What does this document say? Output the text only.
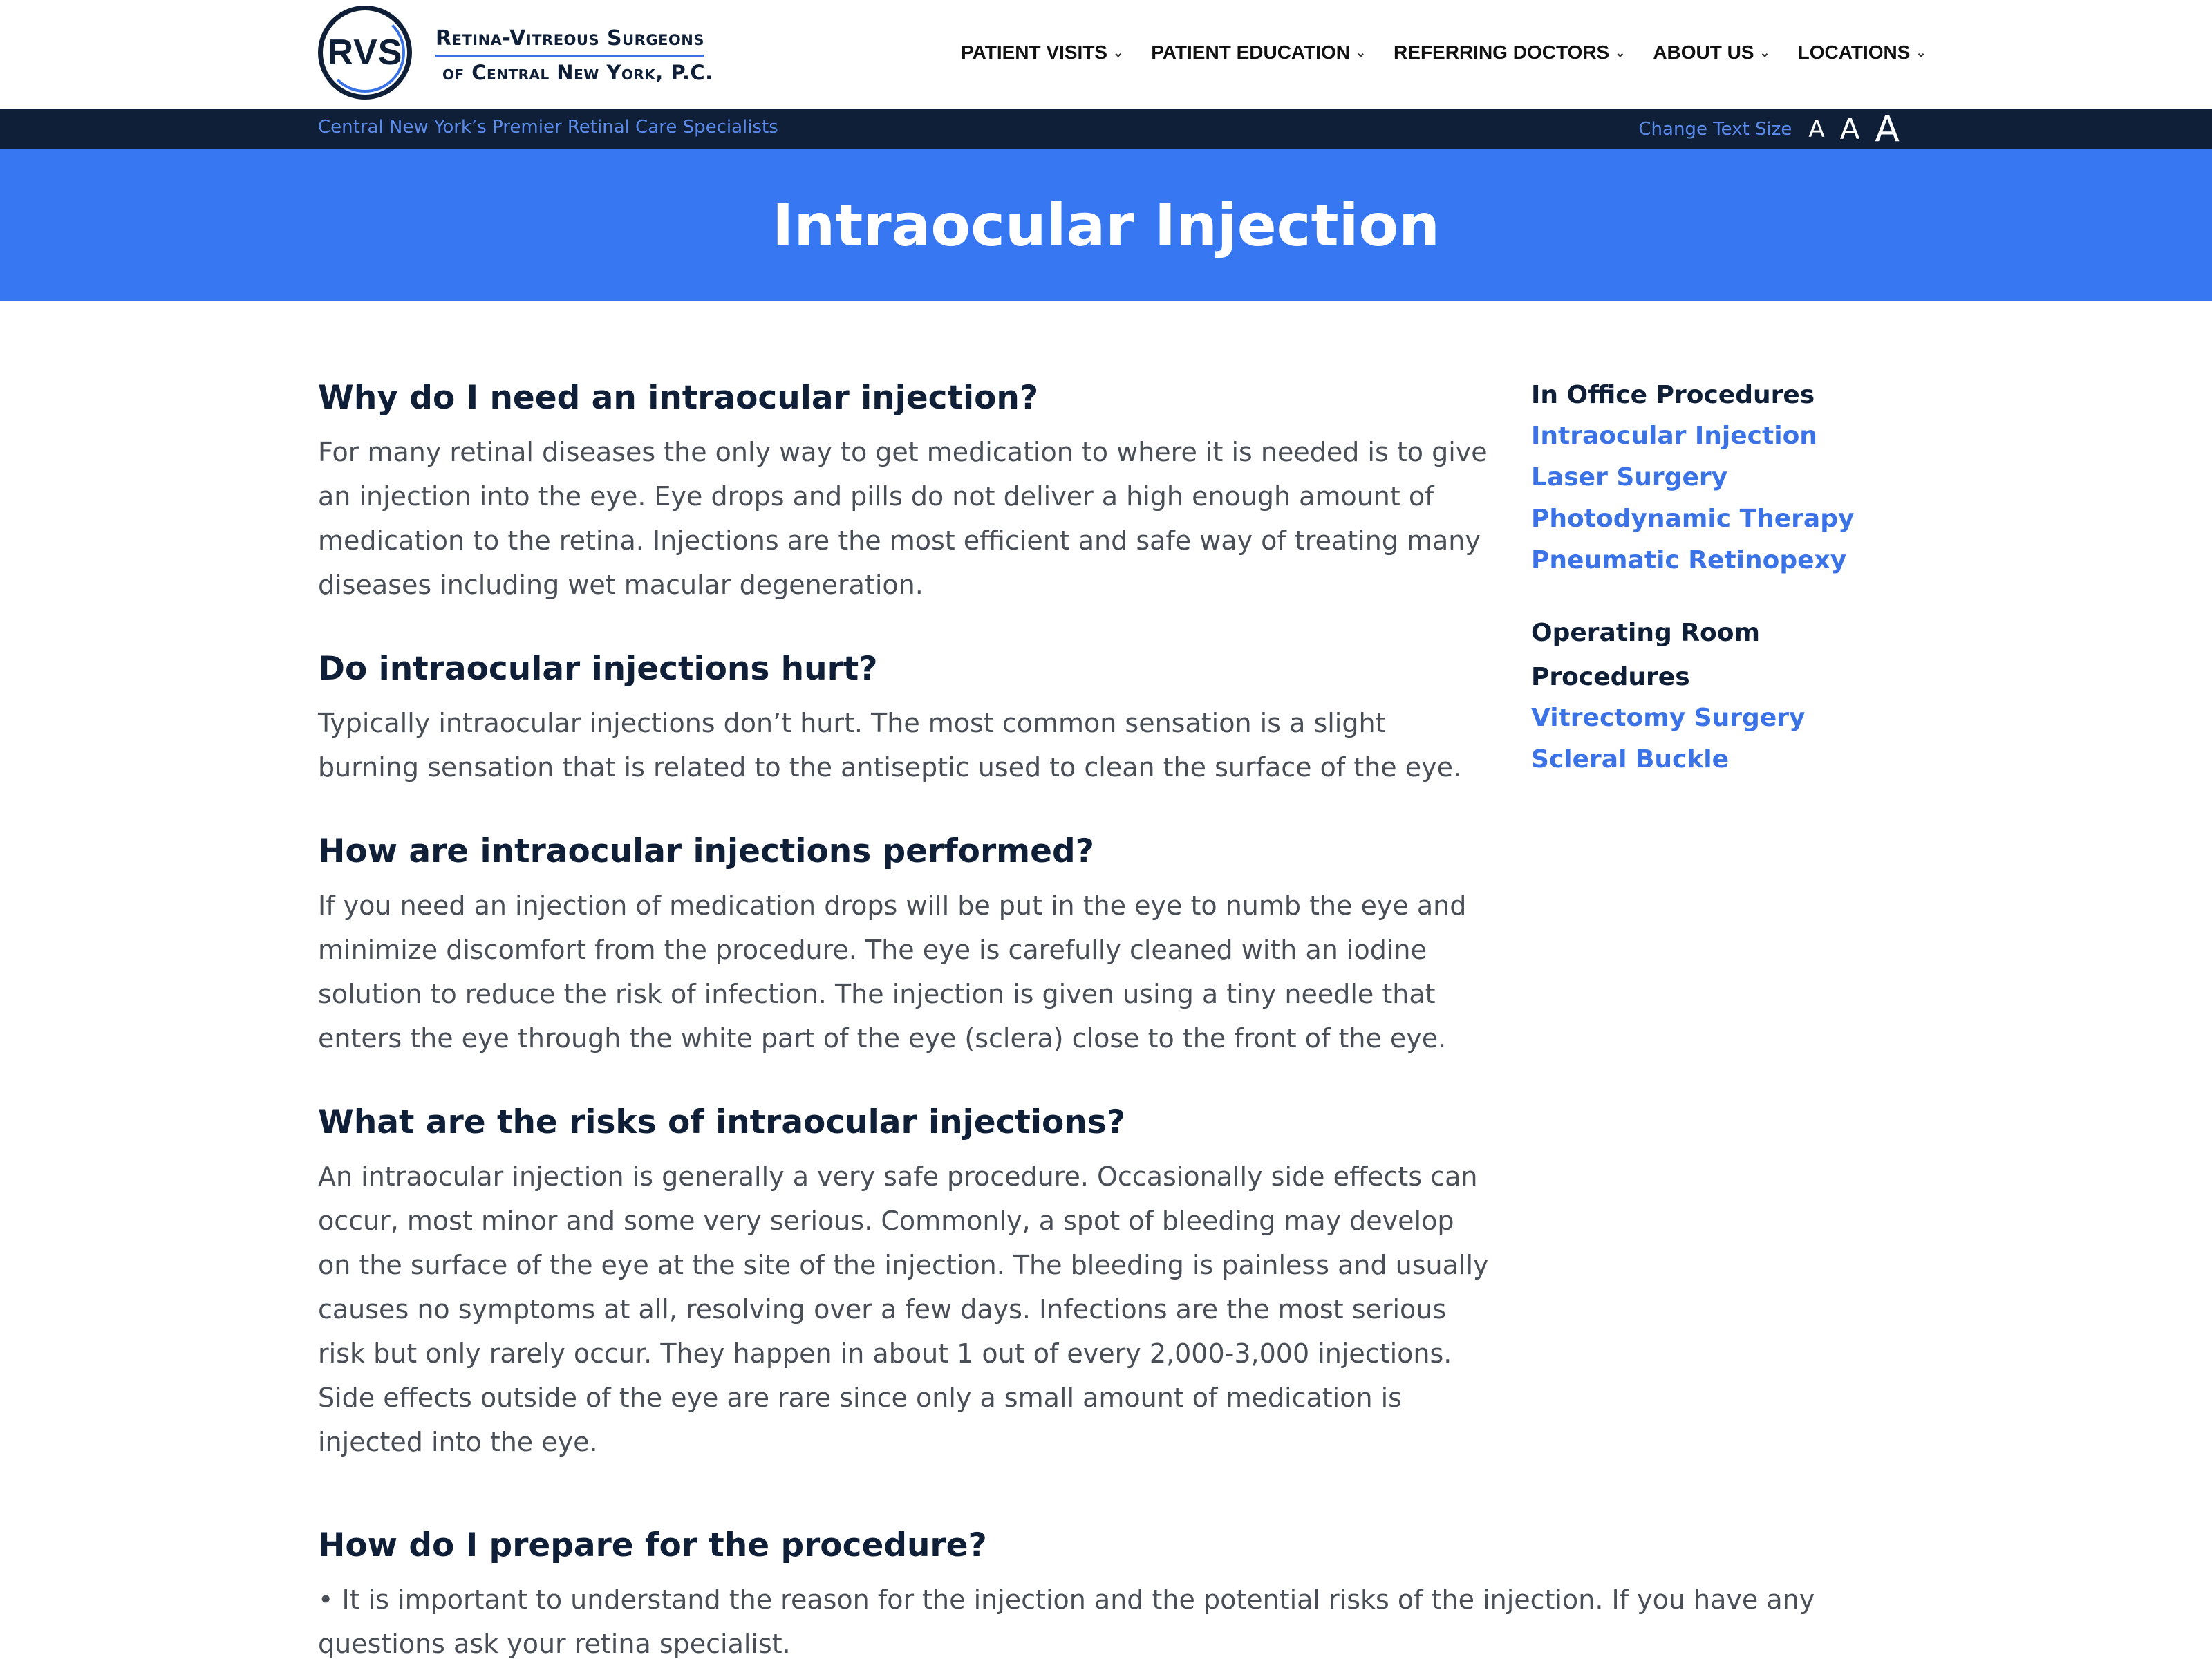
RVS	Retina-Vitreous Surgeons
of Central New York, P.C.
PATIENT VISITS ⌄ PATIENT EDUCATION ⌄ REFERRING DOCTORS ⌄ ABOUT US ⌄ LOCATIONS ⌄
Central New York’s Premier Retinal Care Specialists	Change Text Size A A A
Intraocular Injection
Why do I need an intraocular injection?

For many retinal diseases the only way to get medication to where it is needed is to give an injection into the eye. Eye drops and pills do not deliver a high enough amount of medication to the retina. Injections are the most efficient and safe way of treating many diseases including wet macular degeneration.

Do intraocular injections hurt?

Typically intraocular injections don’t hurt. The most common sensation is a slight burning sensation that is related to the antiseptic used to clean the surface of the eye.

How are intraocular injections performed?

If you need an injection of medication drops will be put in the eye to numb the eye and minimize discomfort from the procedure. The eye is carefully cleaned with an iodine solution to reduce the risk of infection. The injection is given using a tiny needle that enters the eye through the white part of the eye (sclera) close to the front of the eye.

What are the risks of intraocular injections?

An intraocular injection is generally a very safe procedure. Occasionally side effects can occur, most minor and some very serious. Commonly, a spot of bleeding may develop on the surface of the eye at the site of the injection. The bleeding is painless and usually causes no symptoms at all, resolving over a few days. Infections are the most serious risk but only rarely occur. They happen in about 1 out of every 2,000-3,000 injections. Side effects outside of the eye are rare since only a small amount of medication is injected into the eye.

How do I prepare for the procedure?

• It is important to understand the reason for the injection and the potential risks of the injection. If you have any questions ask your retina specialist.

In Office Procedures
Intraocular Injection
Laser Surgery
Photodynamic Therapy
Pneumatic Retinopexy
Operating Room Procedures
Vitrectomy Surgery
Scleral Buckle
